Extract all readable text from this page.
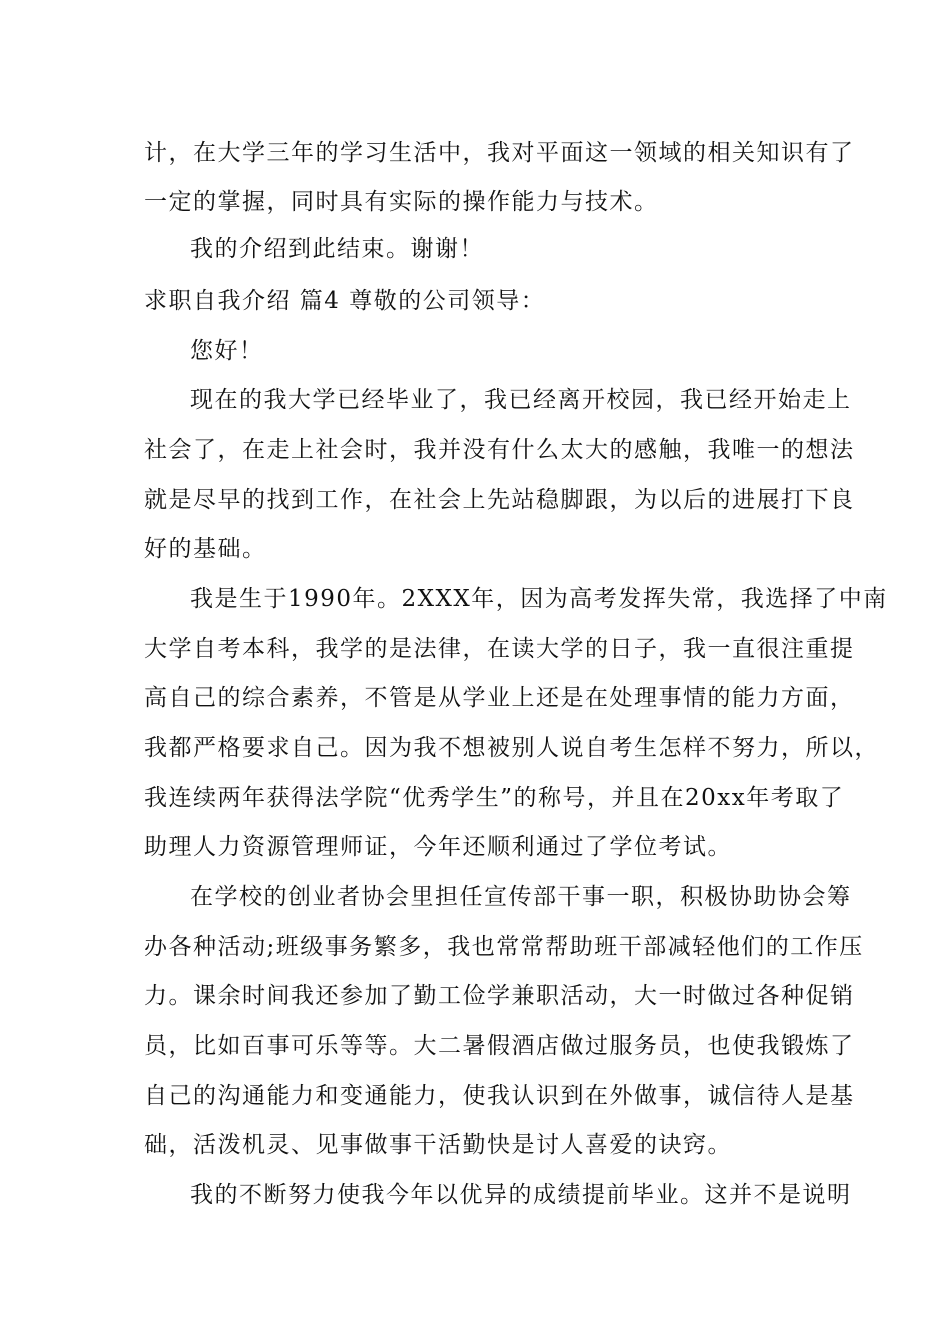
计，在大学三年的学习生活中，我对平面这一领域的相关知识有了
一定的掌握，同时具有实际的操作能力与技术。
我的介绍到此结束。谢谢！
求职自我介绍 篇4 尊敬的公司领导：
您好！
现在的我大学已经毕业了，我已经离开校园，我已经开始走上
社会了，在走上社会时，我并没有什么太大的感触，我唯一的想法
就是尽早的找到工作，在社会上先站稳脚跟，为以后的进展打下良
好的基础。
我是生于1990年。2XXX年，因为高考发挥失常，我选择了中南
大学自考本科，我学的是法律，在读大学的日子，我一直很注重提
高自己的综合素养，不管是从学业上还是在处理事情的能力方面，
我都严格要求自己。因为我不想被别人说自考生怎样不努力，所以，
我连续两年获得法学院“优秀学生”的称号，并且在20xx年考取了
助理人力资源管理师证，今年还顺利通过了学位考试。
在学校的创业者协会里担任宣传部干事一职，积极协助协会筹
办各种活动;班级事务繁多，我也常常帮助班干部减轻他们的工作压
力。课余时间我还参加了勤工俭学兼职活动，大一时做过各种促销
员，比如百事可乐等等。大二暑假酒店做过服务员，也使我锻炼了
自己的沟通能力和变通能力，使我认识到在外做事，诚信待人是基
础，活泼机灵、见事做事干活勤快是讨人喜爱的诀窍。
我的不断努力使我今年以优异的成绩提前毕业。这并不是说明
